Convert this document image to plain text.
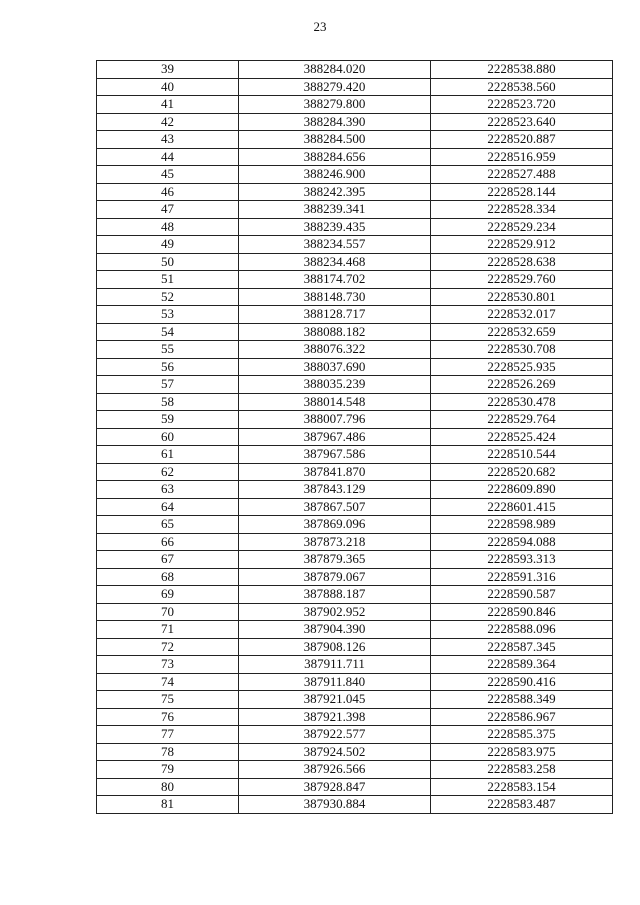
23
39	388284.020	2228538.880
40	388279.420	2228538.560
41	388279.800	2228523.720
42	388284.390	2228523.640
43	388284.500	2228520.887
44	388284.656	2228516.959
45	388246.900	2228527.488
46	388242.395	2228528.144
47	388239.341	2228528.334
48	388239.435	2228529.234
49	388234.557	2228529.912
50	388234.468	2228528.638
51	388174.702	2228529.760
52	388148.730	2228530.801
53	388128.717	2228532.017
54	388088.182	2228532.659
55	388076.322	2228530.708
56	388037.690	2228525.935
57	388035.239	2228526.269
58	388014.548	2228530.478
59	388007.796	2228529.764
60	387967.486	2228525.424
61	387967.586	2228510.544
62	387841.870	2228520.682
63	387843.129	2228609.890
64	387867.507	2228601.415
65	387869.096	2228598.989
66	387873.218	2228594.088
67	387879.365	2228593.313
68	387879.067	2228591.316
69	387888.187	2228590.587
70	387902.952	2228590.846
71	387904.390	2228588.096
72	387908.126	2228587.345
73	387911.711	2228589.364
74	387911.840	2228590.416
75	387921.045	2228588.349
76	387921.398	2228586.967
77	387922.577	2228585.375
78	387924.502	2228583.975
79	387926.566	2228583.258
80	387928.847	2228583.154
81	387930.884	2228583.487
